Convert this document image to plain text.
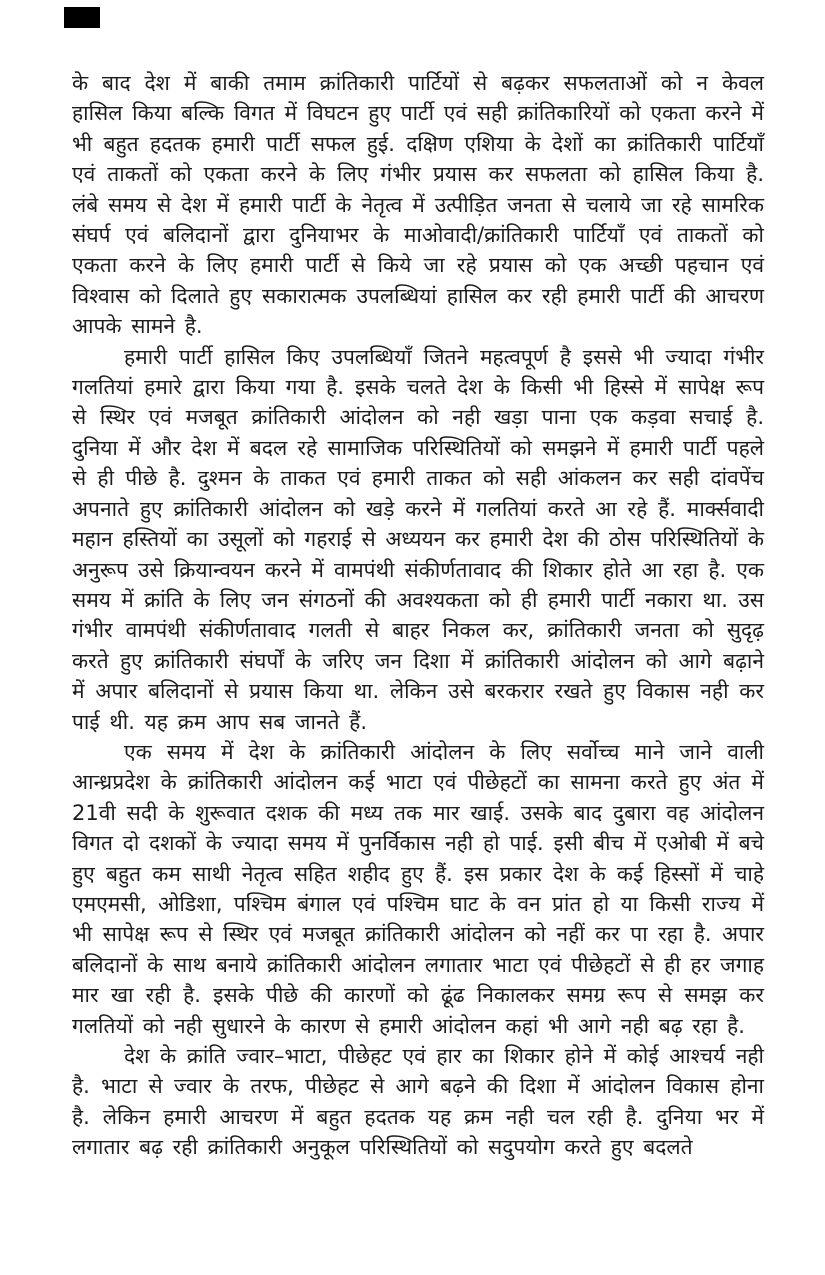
के बाद देश में बाकी तमाम क्रांतिकारी पार्टियों से बढ़कर सफलताओं को न केवल हासिल किया बल्कि विगत में विघटन हुए पार्टी एवं सही क्रांतिकारियों को एकता करने में भी बहुत हदतक हमारी पार्टी सफल हुई. दक्षिण एशिया के देशों का क्रांतिकारी पार्टियाँ एवं ताकतों को एकता करने के लिए गंभीर प्रयास कर सफलता को हासिल किया है. लंबे समय से देश में हमारी पार्टी के नेतृत्व में उत्पीड़ित जनता से चलाये जा रहे सामरिक संघर्प एवं बलिदानों द्वारा दुनियाभर के माओवादी/क्रांतिकारी पार्टियाँ एवं ताकतों को एकता करने के लिए हमारी पार्टी से किये जा रहे प्रयास को एक अच्छी पहचान एवं विश्वास को दिलाते हुए सकारात्मक उपलब्धियां हासिल कर रही हमारी पार्टी की आचरण आपके सामने है.

हमारी पार्टी हासिल किए उपलब्धियाँ जितने महत्वपूर्ण है इससे भी ज्यादा गंभीर गलतियां हमारे द्वारा किया गया है. इसके चलते देश के किसी भी हिस्से में सापेक्ष रूप से स्थिर एवं मजबूत क्रांतिकारी आंदोलन को नही खड़ा पाना एक कड़वा सचाई है. दुनिया में और देश में बदल रहे सामाजिक परिस्थितियों को समझने में हमारी पार्टी पहले से ही पीछे है. दुश्मन के ताकत एवं हमारी ताकत को सही आंकलन कर सही दांवपेंच अपनाते हुए क्रांतिकारी आंदोलन को खड़े करने में गलतियां करते आ रहे हैं. मार्क्सवादी महान हस्तियों का उसूलों को गहराई से अध्ययन कर हमारी देश की ठोस परिस्थितियों के अनुरूप उसे क्रियान्वयन करने में वामपंथी संकीर्णतावाद की शिकार होते आ रहा है. एक समय में क्रांति के लिए जन संगठनों की अवश्यकता को ही हमारी पार्टी नकारा था. उस गंभीर वामपंथी संकीर्णतावाद गलती से बाहर निकल कर, क्रांतिकारी जनता को सुदृढ़ करते हुए क्रांतिकारी संघर्पों के जरिए जन दिशा में क्रांतिकारी आंदोलन को आगे बढ़ाने में अपार बलिदानों से प्रयास किया था. लेकिन उसे बरकरार रखते हुए विकास नही कर पाई थी. यह क्रम आप सब जानते हैं.

एक समय में देश के क्रांतिकारी आंदोलन के लिए सर्वोच्च माने जाने वाली आन्ध्रप्रदेश के क्रांतिकारी आंदोलन कई भाटा एवं पीछेहटों का सामना करते हुए अंत में 21वी सदी के शुरूवात दशक की मध्य तक मार खाई. उसके बाद दुबारा वह आंदोलन विगत दो दशकों के ज्यादा समय में पुनर्विकास नही हो पाई. इसी बीच में एओबी में बचे हुए बहुत कम साथी नेतृत्व सहित शहीद हुए हैं. इस प्रकार देश के कई हिस्सों में चाहे एमएमसी, ओडिशा, पश्चिम बंगाल एवं पश्चिम घाट के वन प्रांत हो या किसी राज्य में भी सापेक्ष रूप से स्थिर एवं मजबूत क्रांतिकारी आंदोलन को नहीं कर पा रहा है. अपार बलिदानों के साथ बनाये क्रांतिकारी आंदोलन लगातार भाटा एवं पीछेहटों से ही हर जगाह मार खा रही है. इसके पीछे की कारणों को ढूंढ निकालकर समग्र रूप से समझ कर गलतियों को नही सुधारने के कारण से हमारी आंदोलन कहां भी आगे नही बढ़ रहा है.

देश के क्रांति ज्वार–भाटा, पीछेहट एवं हार का शिकार होने में कोई आश्चर्य नही है. भाटा से ज्वार के तरफ, पीछेहट से आगे बढ़ने की दिशा में आंदोलन विकास होना है. लेकिन हमारी आचरण में बहुत हदतक यह क्रम नही चल रही है. दुनिया भर में लगातार बढ़ रही क्रांतिकारी अनुकूल परिस्थितियों को सदुपयोग करते हुए बदलते
